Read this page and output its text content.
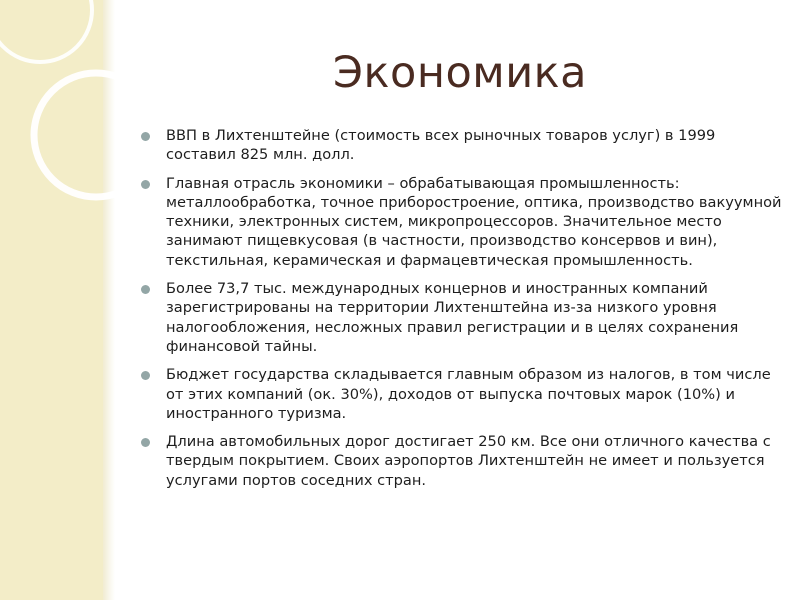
Экономика
ВВП в Лихтенштейне (стоимость всех рыночных товаров услуг) в 1999 составил 825 млн. долл.
Главная отрасль экономики – обрабатывающая промышленность: металлообработка, точное приборостроение, оптика, производство вакуумной техники, электронных систем, микропроцессоров. Значительное место занимают пищевкусовая (в частности, производство консервов и вин), текстильная, керамическая и фармацевтическая промышленность.
Более 73,7 тыс. международных концернов и иностранных компаний зарегистрированы на территории Лихтенштейна из-за низкого уровня налогообложения, несложных правил регистрации и в целях сохранения финансовой тайны.
Бюджет государства складывается главным образом из налогов, в том числе от этих компаний (ок. 30%), доходов от выпуска почтовых марок (10%) и иностранного туризма.
Длина автомобильных дорог достигает 250 км. Все они отличного качества с твердым покрытием. Своих аэропортов Лихтенштейн не имеет и пользуется услугами портов соседних стран.
